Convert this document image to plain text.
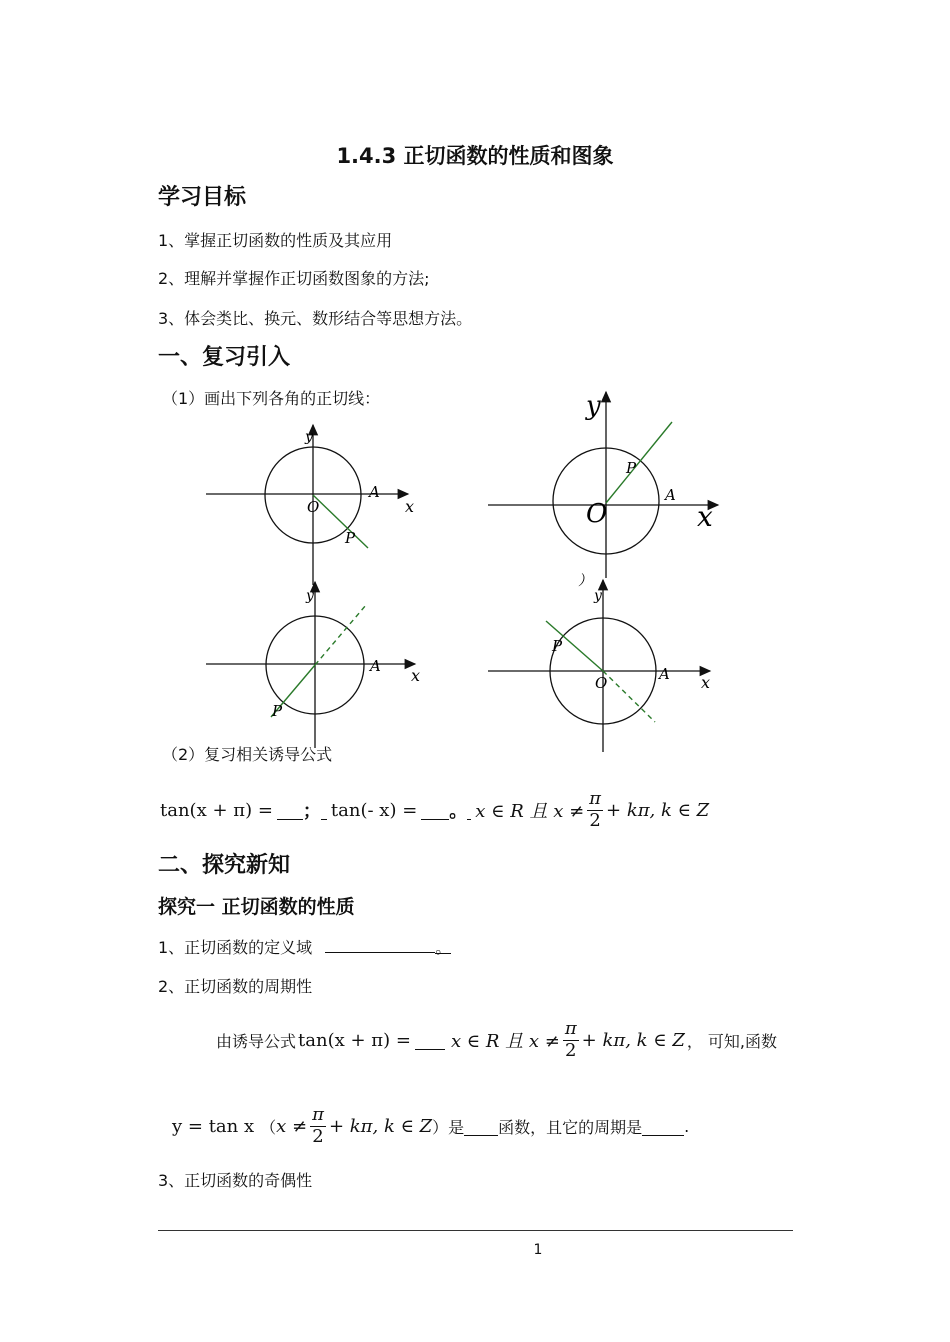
1.4.3 正切函数的性质和图象
学习目标
1、掌握正切函数的性质及其应用
2、理解并掌握作正切函数图象的方法;
3、体会类比、换元、数形结合等思想方法。
一、复习引入
（1）画出下列各角的正切线：
y
x
O
A
P
y
x
O
A
P
y
x
A
P
）
y
x
O	A
P
（2）复习相关诱导公式
tan(x + π) = ； tan(- x) = 。 x ∈ R 且 $x \ne \frac{\pi}{2} + k\pi$, k ∈ Z
二、探究新知
探究一 正切函数的性质
1、正切函数的定义域	。
2、正切函数的周期性
由诱导公式 tan(x + π) = x ∈ R 且 $x \ne \frac{\pi}{2} + k\pi$, k ∈ Z ， 可知,函数
y = tan x （ $x \ne \frac{\pi}{2} + k\pi$, k ∈ Z ） 是 函数，且它的周期是	.
3、正切函数的奇偶性
1
